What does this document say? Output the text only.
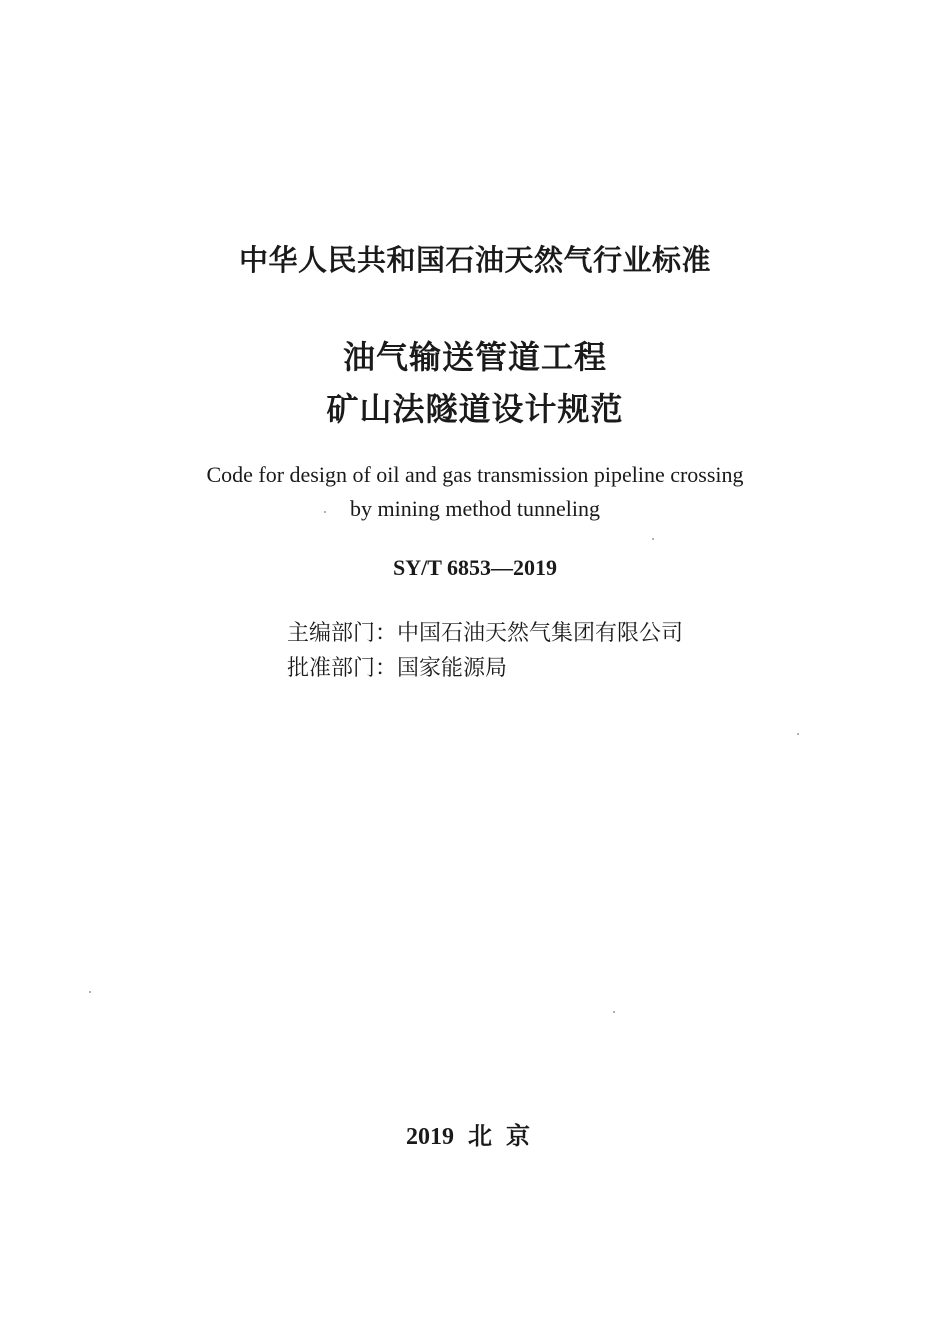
中华人民共和国石油天然气行业标准
油气输送管道工程
矿山法隧道设计规范
Code for design of oil and gas transmission pipeline crossing
by mining method tunneling
SY/T 6853—2019
主编部门：中国石油天然气集团有限公司
批准部门：国家能源局
2019 北京
